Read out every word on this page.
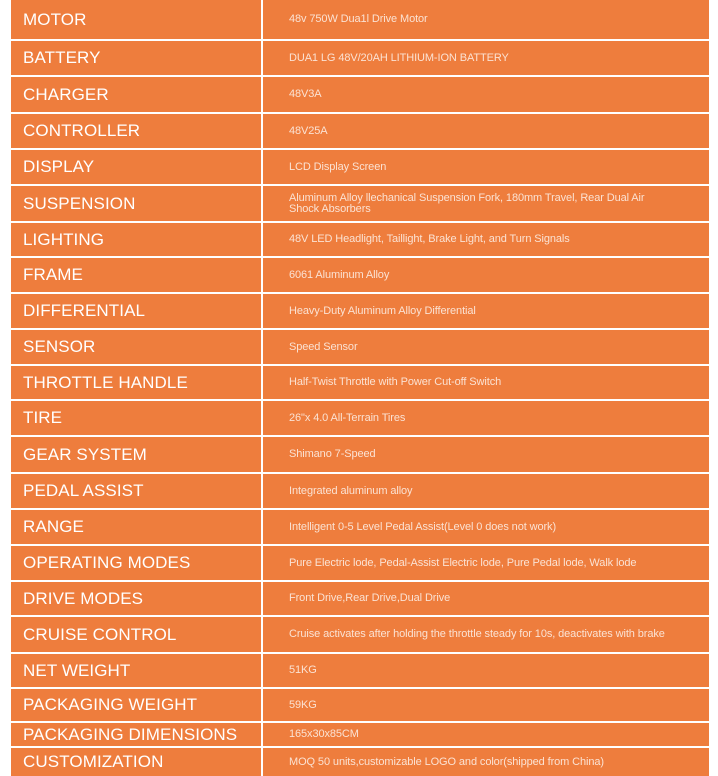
MOTOR	48v 750W Dua1l Drive Motor
BATTERY	DUA1 LG 48V/20AH LITHIUM-ION BATTERY
CHARGER	48V3A
CONTROLLER	48V25A
DISPLAY	LCD Display Screen
SUSPENSION	Aluminum Alloy llechanical Suspension Fork, 180mm Travel, Rear Dual Air Shock Absorbers
LIGHTING	48V LED Headlight, Taillight, Brake Light, and Turn Signals
FRAME	6061 Aluminum Alloy
DIFFERENTIAL	Heavy-Duty Aluminum Alloy Differential
SENSOR	Speed Sensor
THROTTLE HANDLE	Half-Twist Throttle with Power Cut-off Switch
TIRE	26"x 4.0 All-Terrain Tires
GEAR SYSTEM	Shimano 7-Speed
PEDAL ASSIST	Integrated aluminum alloy
RANGE	Intelligent 0-5 Level Pedal Assist(Level 0 does not work)
OPERATING MODES	Pure Electric lode, Pedal-Assist Electric lode, Pure Pedal lode, Walk lode
DRIVE MODES	Front Drive,Rear Drive,Dual Drive
CRUISE CONTROL	Cruise activates after holding the throttle steady for 10s, deactivates with brake
NET WEIGHT	51KG
PACKAGING WEIGHT	59KG
PACKAGING DIMENSIONS	165x30x85CM
CUSTOMIZATION	MOQ 50 units,customizable LOGO and color(shipped from China)
